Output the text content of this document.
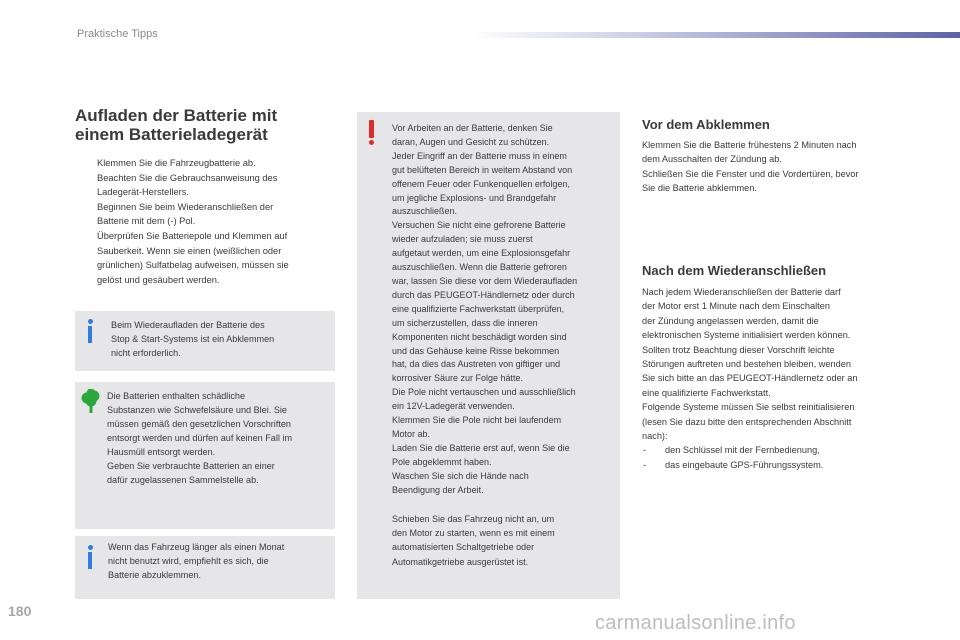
Praktische Tipps
Aufladen der Batterie mit
einem Batterieladegerät
Klemmen Sie die Fahrzeugbatterie ab.
Beachten Sie die Gebrauchsanweisung des
Ladegerät-Herstellers.
Beginnen Sie beim Wiederanschließen der
Batterie mit dem (-) Pol.
Überprüfen Sie Batteriepole und Klemmen auf
Sauberkeit. Wenn sie einen (weißlichen oder
grünlichen) Sulfatbelag aufweisen, müssen sie
gelöst und gesäubert werden.
Beim Wiederaufladen der Batterie des
Stop & Start-Systems ist ein Abklemmen
nicht erforderlich.
Die Batterien enthalten schädliche
Substanzen wie Schwefelsäure und Blei. Sie
müssen gemäß den gesetzlichen Vorschriften
entsorgt werden und dürfen auf keinen Fall im
Hausmüll entsorgt werden.
Geben Sie verbrauchte Batterien an einer
dafür zugelassenen Sammelstelle ab.
Wenn das Fahrzeug länger als einen Monat
nicht benutzt wird, empfiehlt es sich, die
Batterie abzuklemmen.
Vor Arbeiten an der Batterie, denken Sie
daran, Augen und Gesicht zu schützen.
Jeder Eingriff an der Batterie muss in einem
gut belüfteten Bereich in weitem Abstand von
offenem Feuer oder Funkenquellen erfolgen,
um jegliche Explosions- und Brandgefahr
auszuschließen.
Versuchen Sie nicht eine gefrorene Batterie
wieder aufzuladen; sie muss zuerst
aufgetaut werden, um eine Explosionsgefahr
auszuschließen. Wenn die Batterie gefroren
war, lassen Sie diese vor dem Wiederaufladen
durch das PEUGEOT-Händlernetz oder durch
eine qualifizierte Fachwerkstatt überprüfen,
um sicherzustellen, dass die inneren
Komponenten nicht beschädigt worden sind
und das Gehäuse keine Risse bekommen
hat, da dies das Austreten von giftiger und
korrosiver Säure zur Folge hätte.
Die Pole nicht vertauschen und ausschließlich
ein 12V-Ladegerät verwenden.
Klemmen Sie die Pole nicht bei laufendem
Motor ab.
Laden Sie die Batterie erst auf, wenn Sie die
Pole abgeklemmt haben.
Waschen Sie sich die Hände nach
Beendigung der Arbeit.
Schieben Sie das Fahrzeug nicht an, um
den Motor zu starten, wenn es mit einem
automatisierten Schaltgetriebe oder
Automatikgetriebe ausgerüstet ist.
Vor dem Abklemmen
Klemmen Sie die Batterie frühestens 2 Minuten nach
dem Ausschalten der Zündung ab.
Schließen Sie die Fenster und die Vordertüren, bevor
Sie die Batterie abklemmen.
Nach dem Wiederanschließen
Nach jedem Wiederanschließen der Batterie darf
der Motor erst 1 Minute nach dem Einschalten
der Zündung angelassen werden, damit die
elektronischen Systeme initialisiert werden können.
Sollten trotz Beachtung dieser Vorschrift leichte
Störungen auftreten und bestehen bleiben, wenden
Sie sich bitte an das PEUGEOT-Händlernetz oder an
eine qualifizierte Fachwerkstatt.
Folgende Systeme müssen Sie selbst reinitialisieren
(lesen Sie dazu bitte den entsprechenden Abschnitt
nach):
- den Schlüssel mit der Fernbedienung,
- das eingebaute GPS-Führungssystem.
180
carmanualsonline.info
